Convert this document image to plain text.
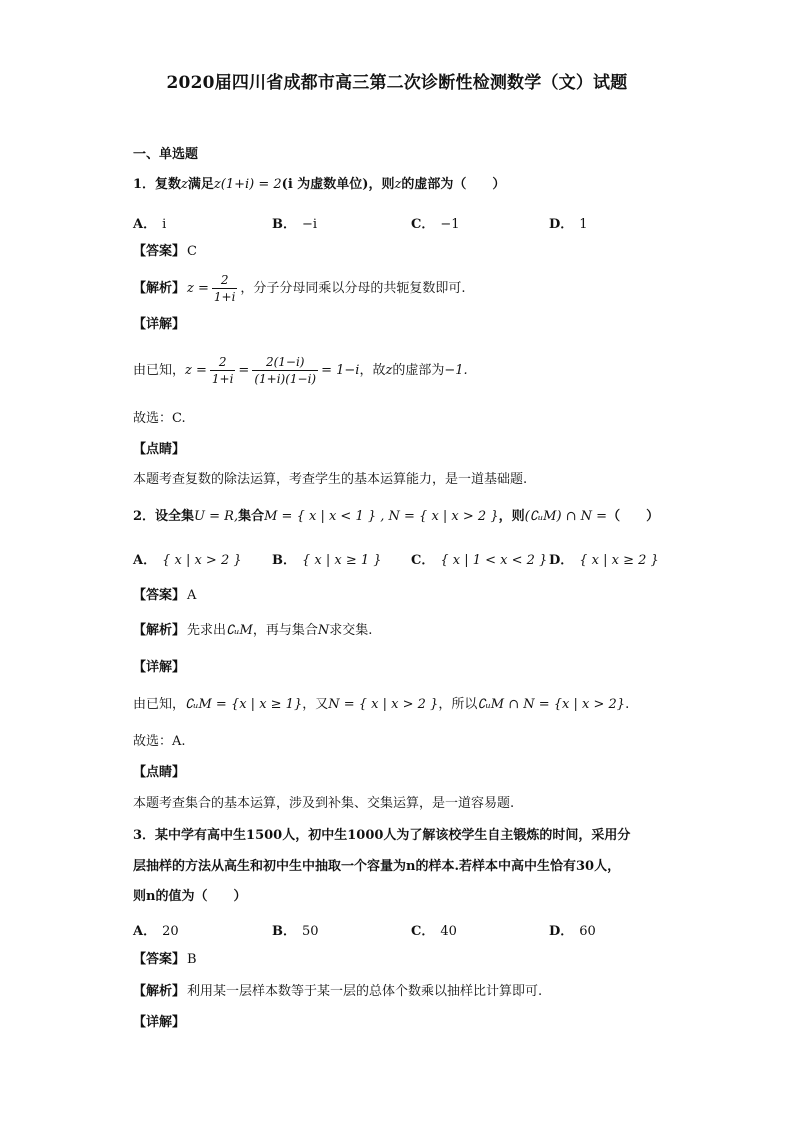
2020届四川省成都市高三第二次诊断性检测数学（文）试题
一、单选题
1．复数z满足z(1+i) = 2(i 为虚数单位)，则z的虚部为（　　）
A． i	B． −i	C． −1	D． 1
【答案】 C
【解析】 $z = \frac{2}{1+i}$ ，分子分母同乘以分母的共轭复数即可.
【详解】
由已知，$z = \frac{2}{1+i} = \frac{2(1-i)}{(1+i)(1-i)} = 1-i$，故z的虚部为−1.
故选：C.
【点睛】
本题考查复数的除法运算，考查学生的基本运算能力，是一道基础题.
2．设全集U = R,集合M = { x | x < 1 } , N = { x | x > 2 }，则(∁ᵤM) ∩ N =（　　）
A． { x | x > 2 } B． { x | x ≥ 1 } C． { x | 1 < x < 2 } D． { x | x ≥ 2 }
【答案】 A
【解析】 先求出∁ᵤM，再与集合N求交集.
【详解】
由已知，∁ᵤM = {x | x ≥ 1}，又N = { x | x > 2 }，所以∁ᵤM ∩ N = {x | x > 2}.
故选：A.
【点睛】
本题考查集合的基本运算，涉及到补集、交集运算，是一道容易题.
3．某中学有高中生1500人，初中生1000人为了解该校学生自主锻炼的时间，采用分
层抽样的方法从高生和初中生中抽取一个容量为n的样本.若样本中高中生恰有30人，
则n的值为（　　）
A． 20	B． 50	C． 40	D． 60
【答案】 B
【解析】 利用某一层样本数等于某一层的总体个数乘以抽样比计算即可.
【详解】
